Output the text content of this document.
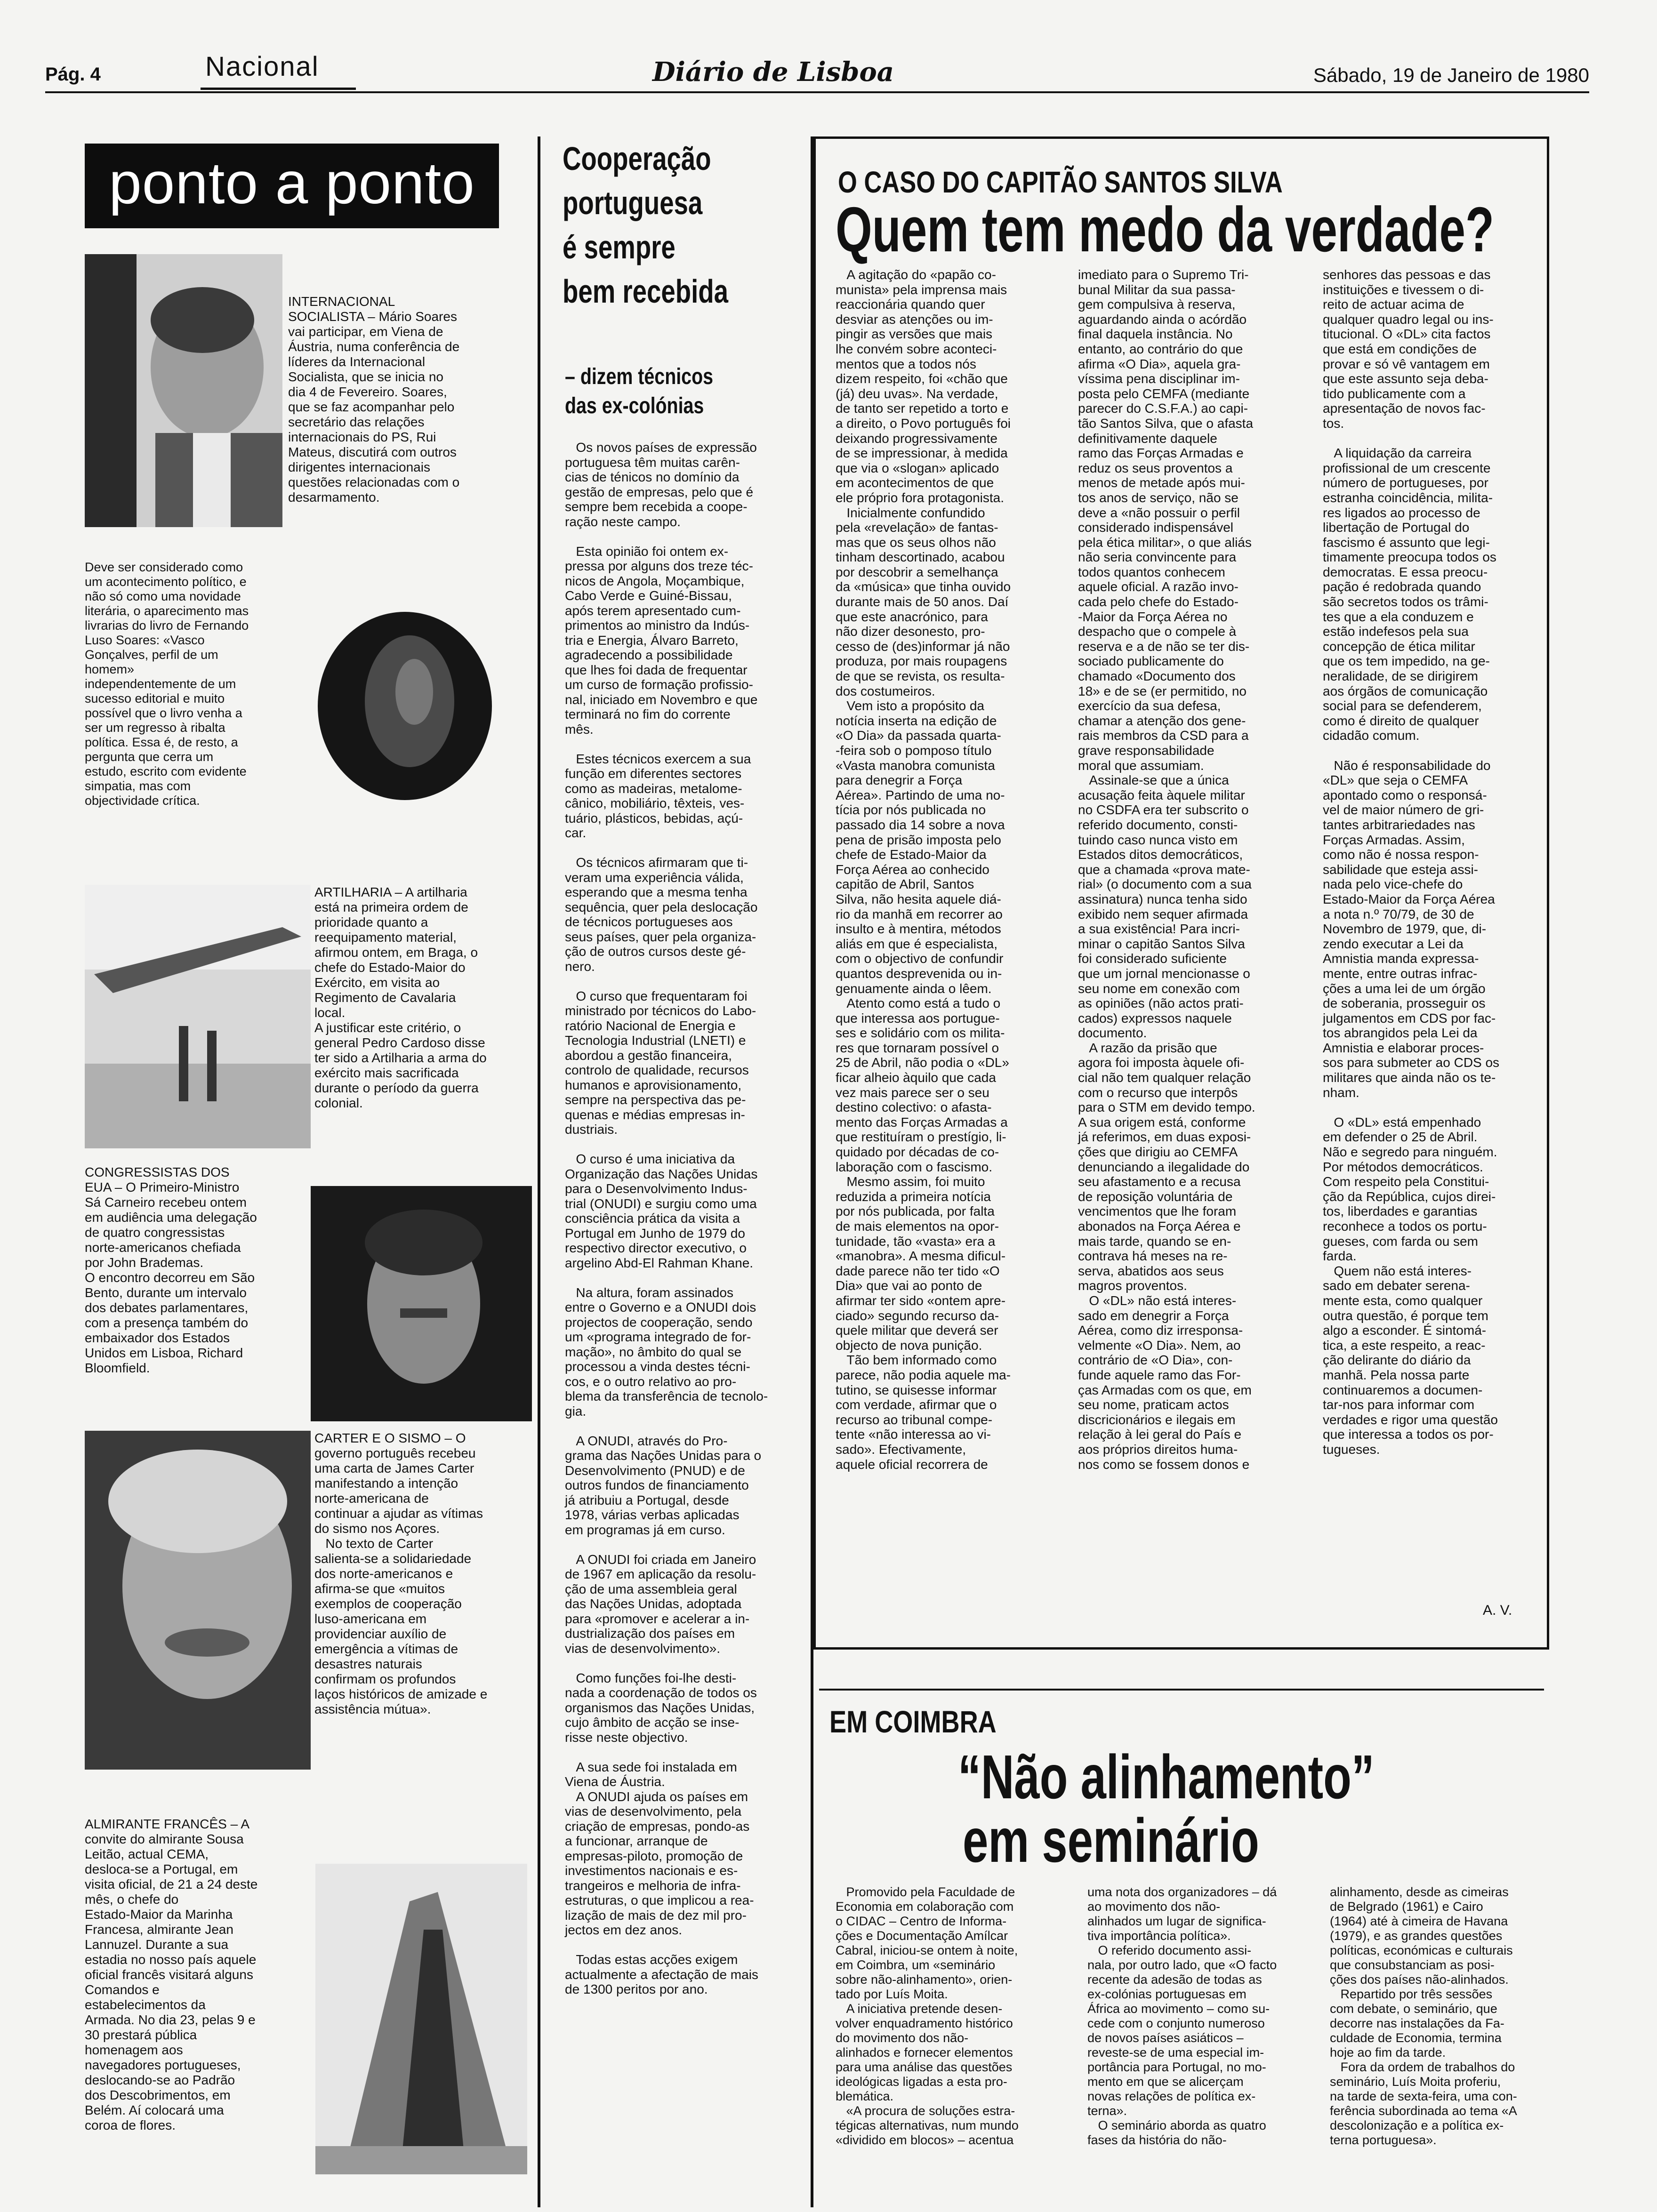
Pág. 4	Nacional	Diário de Lisboa	Sábado, 19 de Janeiro de 1980
ponto a ponto
INTERNACIONAL
SOCIALISTA – Mário Soares
vai participar, em Viena de
Áustria, numa conferência de
líderes da Internacional
Socialista, que se inicia no
dia 4 de Fevereiro. Soares,
que se faz acompanhar pelo
secretário das relações
internacionais do PS, Rui
Mateus, discutirá com outros
dirigentes internacionais
questões relacionadas com o
desarmamento.
Deve ser considerado como
um acontecimento político, e
não só como uma novidade
literária, o aparecimento mas
livrarias do livro de Fernando
Luso Soares: «Vasco
Gonçalves, perfil de um
homem»
independentemente de um
sucesso editorial e muito
possível que o livro venha a
ser um regresso à ribalta
política. Essa é, de resto, a
pergunta que cerra um
estudo, escrito com evidente
simpatia, mas com
objectividade crítica.
ARTILHARIA – A artilharia
está na primeira ordem de
prioridade quanto a
reequipamento material,
afirmou ontem, em Braga, o
chefe do Estado-Maior do
Exército, em visita ao
Regimento de Cavalaria
local.
A justificar este critério, o
general Pedro Cardoso disse
ter sido a Artilharia a arma do
exército mais sacrificada
durante o período da guerra
colonial.
CONGRESSISTAS DOS
EUA – O Primeiro-Ministro
Sá Carneiro recebeu ontem
em audiência uma delegação
de quatro congressistas
norte-americanos chefiada
por John Brademas.
O encontro decorreu em São
Bento, durante um intervalo
dos debates parlamentares,
com a presença também do
embaixador dos Estados
Unidos em Lisboa, Richard
Bloomfield.
CARTER E O SISMO – O
governo português recebeu
uma carta de James Carter
manifestando a intenção
norte-americana de
continuar a ajudar as vítimas
do sismo nos Açores.
No texto de Carter
salienta-se a solidariedade
dos norte-americanos e
afirma-se que «muitos
exemplos de cooperação
luso-americana em
providenciar auxílio de
emergência a vítimas de
desastres naturais
confirmam os profundos
laços históricos de amizade e
assistência mútua».
ALMIRANTE FRANCÊS – A
convite do almirante Sousa
Leitão, actual CEMA,
desloca-se a Portugal, em
visita oficial, de 21 a 24 deste
mês, o chefe do
Estado-Maior da Marinha
Francesa, almirante Jean
Lannuzel. Durante a sua
estadia no nosso país aquele
oficial francês visitará alguns
Comandos e
estabelecimentos da
Armada. No dia 23, pelas 9 e
30 prestará pública
homenagem aos
navegadores portugueses,
deslocando-se ao Padrão
dos Descobrimentos, em
Belém. Aí colocará uma
coroa de flores.
Cooperação
portuguesa
é sempre
bem recebida
– dizem técnicos
das ex-colónias
Os novos países de expressão
portuguesa têm muitas carên-
cias de ténicos no domínio da
gestão de empresas, pelo que é
sempre bem recebida a coope-
ração neste campo.

Esta opinião foi ontem ex-
pressa por alguns dos treze téc-
nicos de Angola, Moçambique,
Cabo Verde e Guiné-Bissau,
após terem apresentado cum-
primentos ao ministro da Indús-
tria e Energia, Álvaro Barreto,
agradecendo a possibilidade
que lhes foi dada de frequentar
um curso de formação profissio-
nal, iniciado em Novembro e que
terminará no fim do corrente
mês.

Estes técnicos exercem a sua
função em diferentes sectores
como as madeiras, metalome-
cânico, mobiliário, têxteis, ves-
tuário, plásticos, bebidas, açú-
car.

Os técnicos afirmaram que ti-
veram uma experiência válida,
esperando que a mesma tenha
sequência, quer pela deslocação
de técnicos portugueses aos
seus países, quer pela organiza-
ção de outros cursos deste gé-
nero.

O curso que frequentaram foi
ministrado por técnicos do Labo-
ratório Nacional de Energia e
Tecnologia Industrial (LNETI) e
abordou a gestão financeira,
controlo de qualidade, recursos
humanos e aprovisionamento,
sempre na perspectiva das pe-
quenas e médias empresas in-
dustriais.

O curso é uma iniciativa da
Organização das Nações Unidas
para o Desenvolvimento Indus-
trial (ONUDI) e surgiu como uma
consciência prática da visita a
Portugal em Junho de 1979 do
respectivo director executivo, o
argelino Abd-El Rahman Khane.

Na altura, foram assinados
entre o Governo e a ONUDI dois
projectos de cooperação, sendo
um «programa integrado de for-
mação», no âmbito do qual se
processou a vinda destes técni-
cos, e o outro relativo ao pro-
blema da transferência de tecnolo-
gia.

A ONUDI, através do Pro-
grama das Nações Unidas para o
Desenvolvimento (PNUD) e de
outros fundos de financiamento
já atribuiu a Portugal, desde
1978, várias verbas aplicadas
em programas já em curso.

A ONUDI foi criada em Janeiro
de 1967 em aplicação da resolu-
ção de uma assembleia geral
das Nações Unidas, adoptada
para «promover e acelerar a in-
dustrialização dos países em
vias de desenvolvimento».

Como funções foi-lhe desti-
nada a coordenação de todos os
organismos das Nações Unidas,
cujo âmbito de acção se inse-
risse neste objectivo.

A sua sede foi instalada em
Viena de Áustria.
A ONUDI ajuda os países em
vias de desenvolvimento, pela
criação de empresas, pondo-as
a funcionar, arranque de
empresas-piloto, promoção de
investimentos nacionais e es-
trangeiros e melhoria de infra-
estruturas, o que implicou a rea-
lização de mais de dez mil pro-
jectos em dez anos.

Todas estas acções exigem
actualmente a afectação de mais
de 1300 peritos por ano.
O CASO DO CAPITÃO SANTOS SILVA
Quem tem medo da verdade?
A agitação do «papão co-
munista» pela imprensa mais
reaccionária quando quer
desviar as atenções ou im-
pingir as versões que mais
lhe convém sobre aconteci-
mentos que a todos nós
dizem respeito, foi «chão que
(já) deu uvas». Na verdade,
de tanto ser repetido a torto e
a direito, o Povo português foi
deixando progressivamente
de se impressionar, à medida
que via o «slogan» aplicado
em acontecimentos de que
ele próprio fora protagonista.
Inicialmente confundido
pela «revelação» de fantas-
mas que os seus olhos não
tinham descortinado, acabou
por descobrir a semelhança
da «música» que tinha ouvido
durante mais de 50 anos. Daí
que este anacrónico, para
não dizer desonesto, pro-
cesso de (des)informar já não
produza, por mais roupagens
de que se revista, os resulta-
dos costumeiros.
Vem isto a propósito da
notícia inserta na edição de
«O Dia» da passada quarta-
-feira sob o pomposo título
«Vasta manobra comunista
para denegrir a Força
Aérea». Partindo de uma no-
tícia por nós publicada no
passado dia 14 sobre a nova
pena de prisão imposta pelo
chefe de Estado-Maior da
Força Aérea ao conhecido
capitão de Abril, Santos
Silva, não hesita aquele diá-
rio da manhã em recorrer ao
insulto e à mentira, métodos
aliás em que é especialista,
com o objectivo de confundir
quantos desprevenida ou in-
genuamente ainda o lêem.
Atento como está a tudo o
que interessa aos portugue-
ses e solidário com os milita-
res que tornaram possível o
25 de Abril, não podia o «DL»
ficar alheio àquilo que cada
vez mais parece ser o seu
destino colectivo: o afasta-
mento das Forças Armadas a
que restituíram o prestígio, li-
quidado por décadas de co-
laboração com o fascismo.
Mesmo assim, foi muito
reduzida a primeira notícia
por nós publicada, por falta
de mais elementos na opor-
tunidade, tão «vasta» era a
«manobra». A mesma dificul-
dade parece não ter tido «O
Dia» que vai ao ponto de
afirmar ter sido «ontem apre-
ciado» segundo recurso da-
quele militar que deverá ser
objecto de nova punição.
Tão bem informado como
parece, não podia aquele ma-
tutino, se quisesse informar
com verdade, afirmar que o
recurso ao tribunal compe-
tente «não interessa ao vi-
sado». Efectivamente,
aquele oficial recorrera de
imediato para o Supremo Tri-
bunal Militar da sua passa-
gem compulsiva à reserva,
aguardando ainda o acórdão
final daquela instância. No
entanto, ao contrário do que
afirma «O Dia», aquela gra-
víssima pena disciplinar im-
posta pelo CEMFA (mediante
parecer do C.S.F.A.) ao capi-
tão Santos Silva, que o afasta
definitivamente daquele
ramo das Forças Armadas e
reduz os seus proventos a
menos de metade após mui-
tos anos de serviço, não se
deve a «não possuir o perfil
considerado indispensável
pela ética militar», o que aliás
não seria convincente para
todos quantos conhecem
aquele oficial. A razão invo-
cada pelo chefe do Estado-
-Maior da Força Aérea no
despacho que o compele à
reserva e a de não se ter dis-
sociado publicamente do
chamado «Documento dos
18» e de se (er permitido, no
exercício da sua defesa,
chamar a atenção dos gene-
rais membros da CSD para a
grave responsabilidade
moral que assumiam.
Assinale-se que a única
acusação feita àquele militar
no CSDFA era ter subscrito o
referido documento, consti-
tuindo caso nunca visto em
Estados ditos democráticos,
que a chamada «prova mate-
rial» (o documento com a sua
assinatura) nunca tenha sido
exibido nem sequer afirmada
a sua existência! Para incri-
minar o capitão Santos Silva
foi considerado suficiente
que um jornal mencionasse o
seu nome em conexão com
as opiniões (não actos prati-
cados) expressos naquele
documento.
A razão da prisão que
agora foi imposta àquele ofi-
cial não tem qualquer relação
com o recurso que interpôs
para o STM em devido tempo.
A sua origem está, conforme
já referimos, em duas exposi-
ções que dirigiu ao CEMFA
denunciando a ilegalidade do
seu afastamento e a recusa
de reposição voluntária de
vencimentos que lhe foram
abonados na Força Aérea e
mais tarde, quando se en-
contrava há meses na re-
serva, abatidos aos seus
magros proventos.
O «DL» não está interes-
sado em denegrir a Força
Aérea, como diz irresponsa-
velmente «O Dia». Nem, ao
contrário de «O Dia», con-
funde aquele ramo das For-
ças Armadas com os que, em
seu nome, praticam actos
discricionários e ilegais em
relação à lei geral do País e
aos próprios direitos huma-
nos como se fossem donos e
senhores das pessoas e das
instituições e tivessem o di-
reito de actuar acima de
qualquer quadro legal ou ins-
titucional. O «DL» cita factos
que está em condições de
provar e só vê vantagem em
que este assunto seja deba-
tido publicamente com a
apresentação de novos fac-
tos.

A liquidação da carreira
profissional de um crescente
número de portugueses, por
estranha coincidência, milita-
res ligados ao processo de
libertação de Portugal do
fascismo é assunto que legi-
timamente preocupa todos os
democratas. E essa preocu-
pação é redobrada quando
são secretos todos os trâmi-
tes que a ela conduzem e
estão indefesos pela sua
concepção de ética militar
que os tem impedido, na ge-
neralidade, de se dirigirem
aos órgãos de comunicação
social para se defenderem,
como é direito de qualquer
cidadão comum.

Não é responsabilidade do
«DL» que seja o CEMFA
apontado como o responsá-
vel de maior número de gri-
tantes arbitrariedades nas
Forças Armadas. Assim,
como não é nossa respon-
sabilidade que esteja assi-
nada pelo vice-chefe do
Estado-Maior da Força Aérea
a nota n.º 70/79, de 30 de
Novembro de 1979, que, di-
zendo executar a Lei da
Amnistia manda expressa-
mente, entre outras infrac-
ções a uma lei de um órgão
de soberania, prosseguir os
julgamentos em CDS por fac-
tos abrangidos pela Lei da
Amnistia e elaborar proces-
sos para submeter ao CDS os
militares que ainda não os te-
nham.

O «DL» está empenhado
em defender o 25 de Abril.
Não e segredo para ninguém.
Por métodos democráticos.
Com respeito pela Constitui-
ção da República, cujos direi-
tos, liberdades e garantias
reconhece a todos os portu-
gueses, com farda ou sem
farda.
Quem não está interes-
sado em debater serena-
mente esta, como qualquer
outra questão, é porque tem
algo a esconder. É sintomá-
tica, a este respeito, a reac-
ção delirante do diário da
manhã. Pela nossa parte
continuaremos a documen-
tar-nos para informar com
verdades e rigor uma questão
que interessa a todos os por-
tugueses.
A. V.
EM COIMBRA
“Não alinhamento”
em seminário
Promovido pela Faculdade de
Economia em colaboração com
o CIDAC – Centro de Informa-
ções e Documentação Amílcar
Cabral, iniciou-se ontem à noite,
em Coimbra, um «seminário
sobre não-alinhamento», orien-
tado por Luís Moita.
A iniciativa pretende desen-
volver enquadramento histórico
do movimento dos não-
alinhados e fornecer elementos
para uma análise das questões
ideológicas ligadas a esta pro-
blemática.
«A procura de soluções estra-
tégicas alternativas, num mundo
«dividido em blocos» – acentua
uma nota dos organizadores – dá
ao movimento dos não-
alinhados um lugar de significa-
tiva importância política».
O referido documento assi-
nala, por outro lado, que «O facto
recente da adesão de todas as
ex-colónias portuguesas em
África ao movimento – como su-
cede com o conjunto numeroso
de novos países asiáticos –
reveste-se de uma especial im-
portância para Portugal, no mo-
mento em que se alicerçam
novas relações de política ex-
terna».
O seminário aborda as quatro
fases da história do não-
alinhamento, desde as cimeiras
de Belgrado (1961) e Cairo
(1964) até à cimeira de Havana
(1979), e as grandes questões
políticas, económicas e culturais
que consubstanciam as posi-
ções dos países não-alinhados.
Repartido por três sessões
com debate, o seminário, que
decorre nas instalações da Fa-
culdade de Economia, termina
hoje ao fim da tarde.
Fora da ordem de trabalhos do
seminário, Luís Moita proferiu,
na tarde de sexta-feira, uma con-
ferência subordinada ao tema «A
descolonização e a política ex-
terna portuguesa».
